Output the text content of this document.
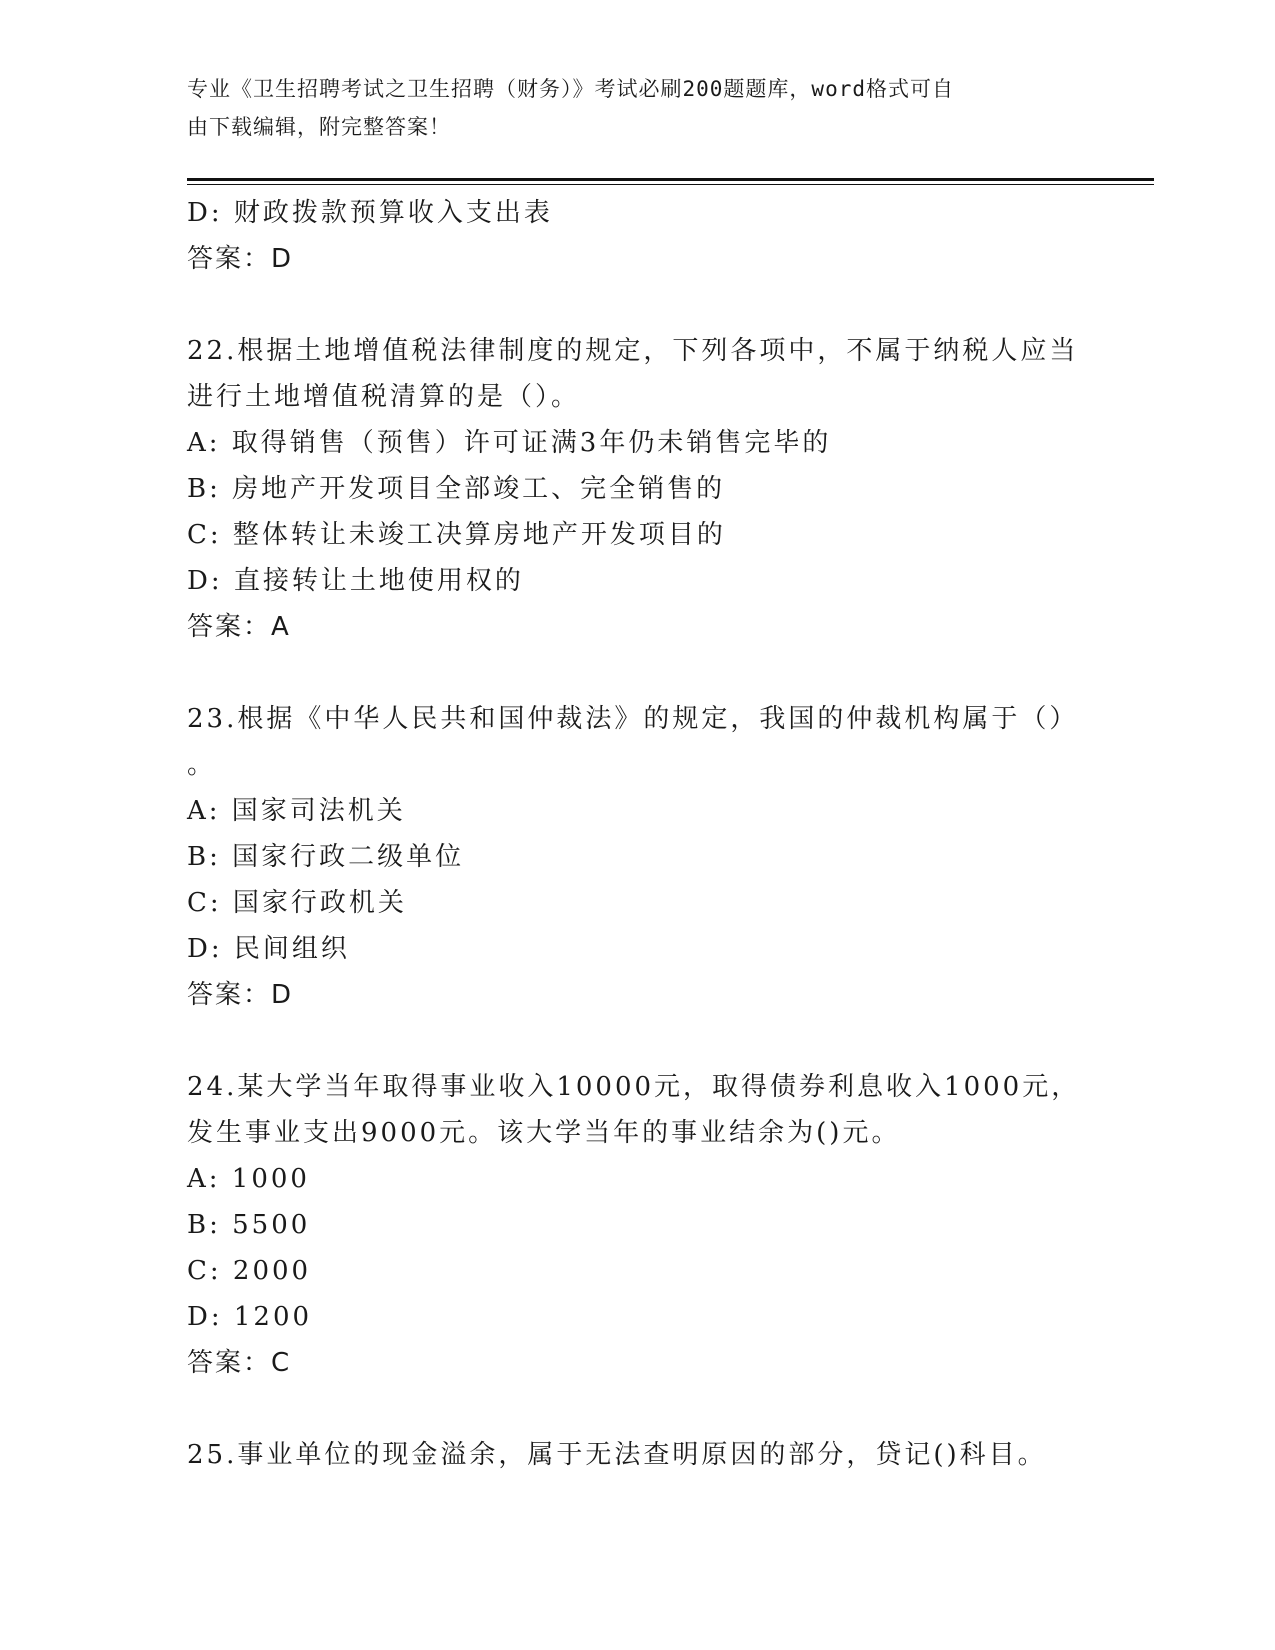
专业《卫生招聘考试之卫生招聘（财务）》考试必刷200题题库，word格式可自
由下载编辑，附完整答案！
D: 财政拨款预算收入支出表
答案：D
22.根据土地增值税法律制度的规定，下列各项中，不属于纳税人应当
进行土地增值税清算的是（）。
A: 取得销售（预售）许可证满3年仍未销售完毕的
B: 房地产开发项目全部竣工、完全销售的
C: 整体转让未竣工决算房地产开发项目的
D: 直接转让土地使用权的
答案：A
23.根据《中华人民共和国仲裁法》的规定，我国的仲裁机构属于（）
。
A: 国家司法机关
B: 国家行政二级单位
C: 国家行政机关
D: 民间组织
答案：D
24.某大学当年取得事业收入10000元，取得债券利息收入1000元，
发生事业支出9000元。该大学当年的事业结余为()元。
A: 1000
B: 5500
C: 2000
D: 1200
答案：C
25.事业单位的现金溢余，属于无法查明原因的部分，贷记()科目。
